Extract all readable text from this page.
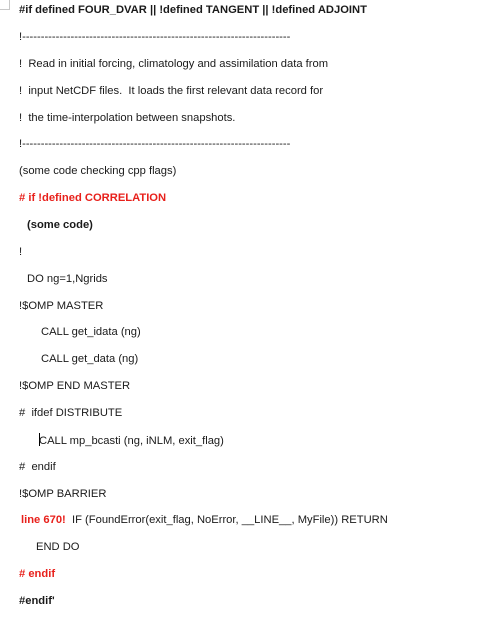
#if defined FOUR_DVAR || !defined TANGENT || !defined ADJOINT
!------------------------------------------------------------------------
!  Read in initial forcing, climatology and assimilation data from
!  input NetCDF files.  It loads the first relevant data record for
!  the time-interpolation between snapshots.
!------------------------------------------------------------------------
(some code checking cpp flags)
# if !defined CORRELATION
(some code)
!
DO ng=1,Ngrids
!$OMP MASTER
CALL get_idata (ng)
CALL get_data (ng)
!$OMP END MASTER
#  ifdef DISTRIBUTE
CALL mp_bcasti (ng, iNLM, exit_flag)
#  endif
!$OMP BARRIER
line 670!  IF (FoundError(exit_flag, NoError, __LINE__, MyFile)) RETURN
END DO
# endif
#endif'
